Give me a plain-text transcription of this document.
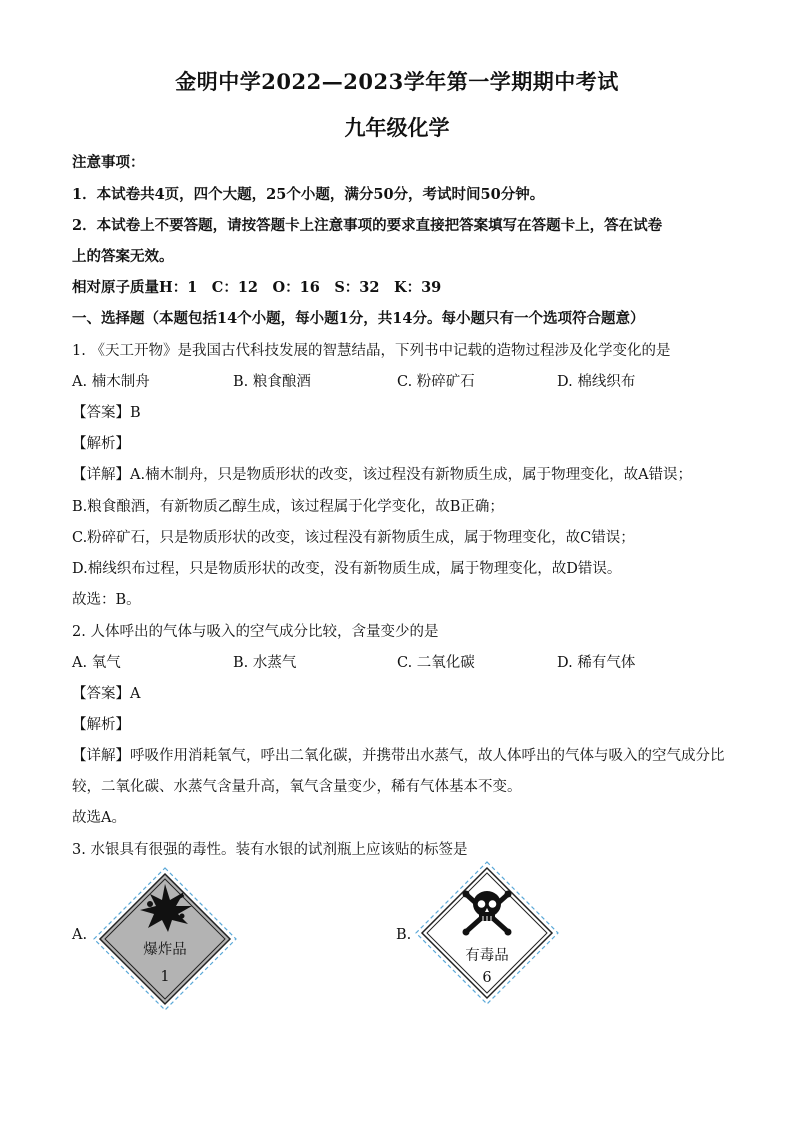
金明中学2022—2023学年第一学期期中考试
九年级化学
注意事项：
1．本试卷共4页，四个大题，25个小题，满分50分，考试时间50分钟。
2．本试卷上不要答题，请按答题卡上注意事项的要求直接把答案填写在答题卡上，答在试卷
上的答案无效。
相对原子质量H：1　C：12　O：16　S：32　K：39
一、选择题（本题包括14个小题，每小题1分，共14分。每小题只有一个选项符合题意）
1. 《天工开物》是我国古代科技发展的智慧结晶，下列书中记载的造物过程涉及化学变化的是
A. 楠木制舟	B. 粮食酿酒	C. 粉碎矿石	D. 棉线织布
【答案】B
【解析】
【详解】A.楠木制舟，只是物质形状的改变，该过程没有新物质生成，属于物理变化，故A错误；
B.粮食酿酒，有新物质乙醇生成，该过程属于化学变化，故B正确；
C.粉碎矿石，只是物质形状的改变，该过程没有新物质生成，属于物理变化，故C错误；
D.棉线织布过程，只是物质形状的改变，没有新物质生成，属于物理变化，故D错误。
故选：B。
2. 人体呼出的气体与吸入的空气成分比较，含量变少的是
A. 氧气	B. 水蒸气	C. 二氧化碳	D. 稀有气体
【答案】A
【解析】
【详解】呼吸作用消耗氧气，呼出二氧化碳，并携带出水蒸气，故人体呼出的气体与吸入的空气成分比
较，二氧化碳、水蒸气含量升高，氧气含量变少，稀有气体基本不变。
故选A。
3. 水银具有很强的毒性。装有水银的试剂瓶上应该贴的标签是
A.
爆炸品
1
B.
有毒品
6
